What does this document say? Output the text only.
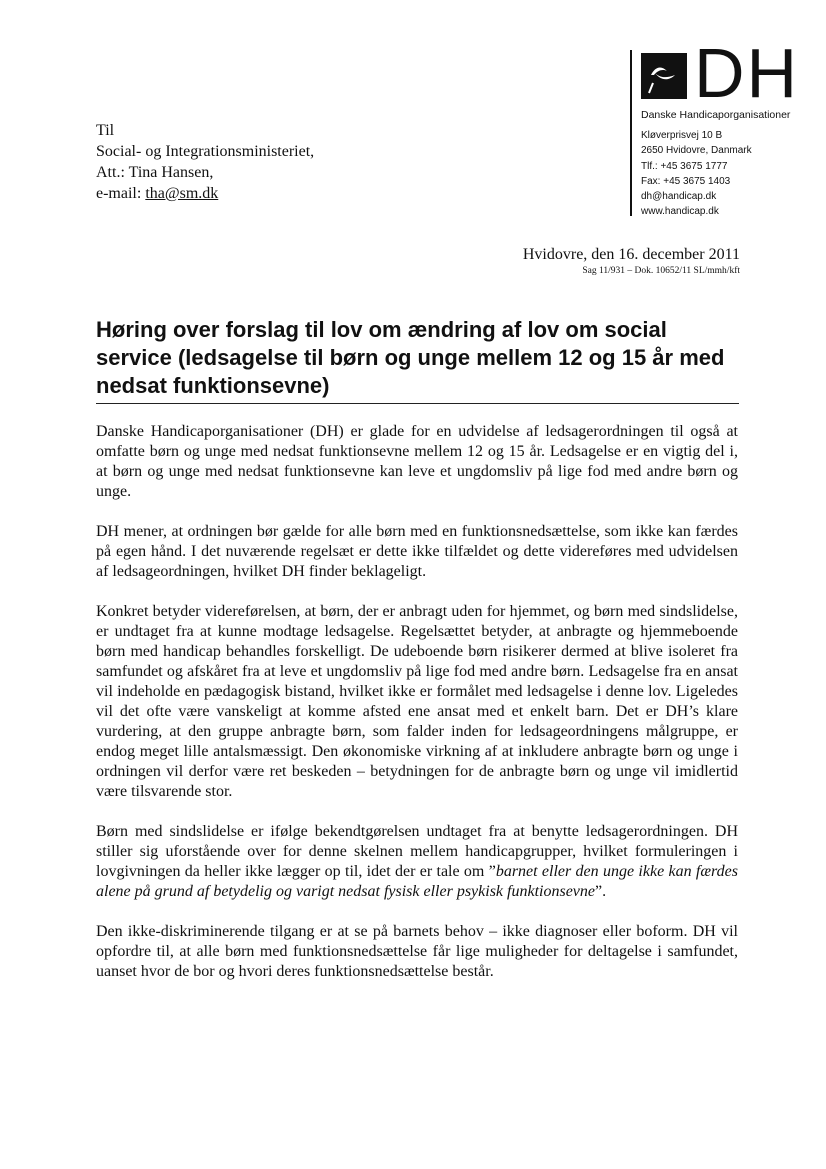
DH
Danske Handicaporganisationer
Kløverprisvej 10 B
2650 Hvidovre, Danmark
Tlf.: +45 3675 1777
Fax: +45 3675 1403
dh@handicap.dk
www.handicap.dk
Til
Social- og Integrationsministeriet,
Att.: Tina Hansen,
e-mail: tha@sm.dk
Hvidovre, den 16. december 2011
Sag 11/931 – Dok. 10652/11 SL/mmh/kft
Høring over forslag til lov om ændring af lov om social service (ledsagelse til børn og unge mellem 12 og 15 år med nedsat funktionsevne)

Danske Handicaporganisationer (DH) er glade for en udvidelse af ledsagerordningen til også at omfatte børn og unge med nedsat funktionsevne mellem 12 og 15 år. Ledsagelse er en vigtig del i, at børn og unge med nedsat funktionsevne kan leve et ungdomsliv på lige fod med andre børn og unge.

DH mener, at ordningen bør gælde for alle børn med en funktionsnedsættelse, som ikke kan færdes på egen hånd. I det nuværende regelsæt er dette ikke tilfældet og dette videreføres med udvidelsen af ledsageordningen, hvilket DH finder beklageligt.

Konkret betyder videreførelsen, at børn, der er anbragt uden for hjemmet, og børn med sindslidelse, er undtaget fra at kunne modtage ledsagelse. Regelsættet betyder, at anbragte og hjemmeboende børn med handicap behandles forskelligt. De udeboende børn risikerer dermed at blive isoleret fra samfundet og afskåret fra at leve et ungdomsliv på lige fod med andre børn. Ledsagelse fra en ansat vil indeholde en pædagogisk bistand, hvilket ikke er formålet med ledsagelse i denne lov. Ligeledes vil det ofte være vanskeligt at komme afsted ene ansat med et enkelt barn. Det er DH’s klare vurdering, at den gruppe anbragte børn, som falder inden for ledsageordningens målgruppe, er endog meget lille antalsmæssigt. Den økonomiske virkning af at inkludere anbragte børn og unge i ordningen vil derfor være ret beskeden – betydningen for de anbragte børn og unge vil imidlertid være tilsvarende stor.

Børn med sindslidelse er ifølge bekendtgørelsen undtaget fra at benytte ledsagerordningen. DH stiller sig uforstående over for denne skelnen mellem handicapgrupper, hvilket formuleringen i lovgivningen da heller ikke lægger op til, idet der er tale om ”barnet eller den unge ikke kan færdes alene på grund af betydelig og varigt nedsat fysisk eller psykisk funktionsevne”.

Den ikke-diskriminerende tilgang er at se på barnets behov – ikke diagnoser eller boform. DH vil opfordre til, at alle børn med funktionsnedsættelse får lige muligheder for deltagelse i samfundet, uanset hvor de bor og hvori deres funktionsnedsættelse består.
